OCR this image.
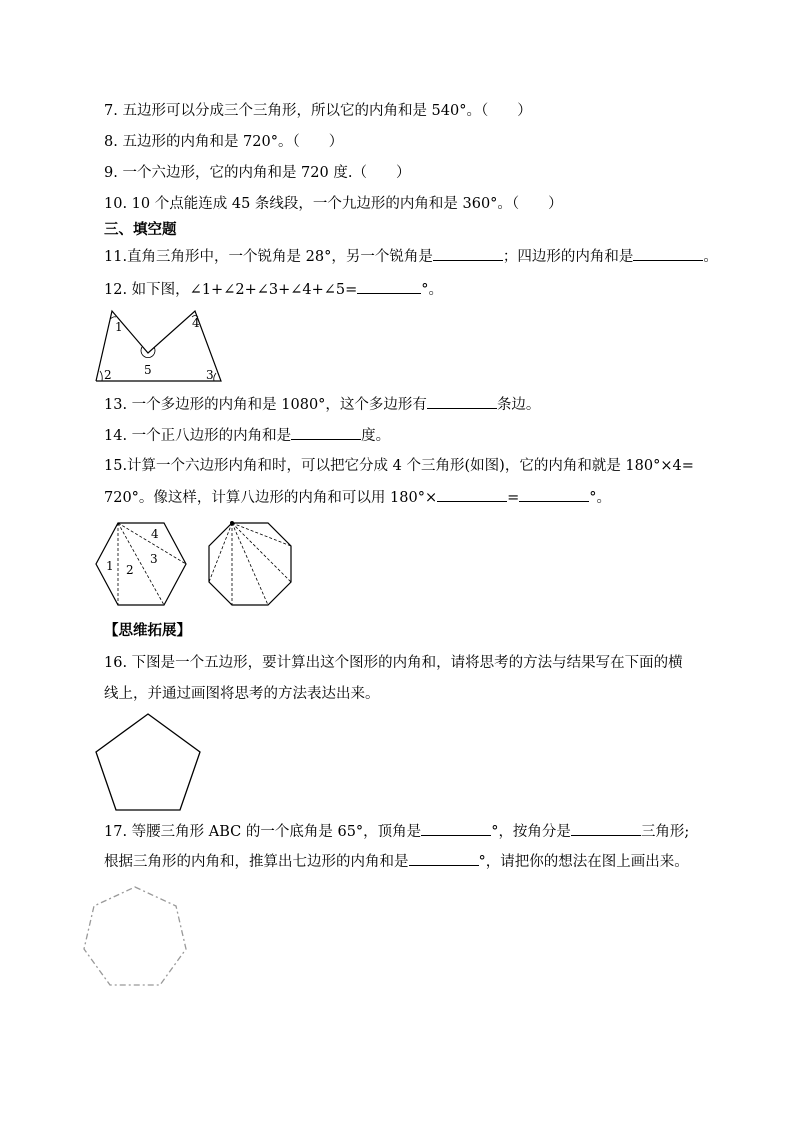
7. 五边形可以分成三个三角形，所以它的内角和是 540°。（　　）
8. 五边形的内角和是 720°。（　　）
9. 一个六边形，它的内角和是 720 度.（　　）
10. 10 个点能连成 45 条线段，一个九边形的内角和是 360°。（　　）
三、填空题
11.直角三角形中，一个锐角是 28°，另一个锐角是	；四边形的内角和是	。
12. 如下图，∠1+∠2+∠3+∠4+∠5=	°。
1	4
5
2	3
13. 一个多边形的内角和是 1080°，这个多边形有	条边。
14. 一个正八边形的内角和是	度。
15.计算一个六边形内角和时，可以把它分成 4 个三角形(如图)，它的内角和就是 180°×4=
720°。像这样，计算八边形的内角和可以用 180°×	=	°。
4
3
1 2
【思维拓展】
16. 下图是一个五边形，要计算出这个图形的内角和，请将思考的方法与结果写在下面的横
线上，并通过画图将思考的方法表达出来。
17. 等腰三角形 ABC 的一个底角是 65°，顶角是	°，按角分是	三角形;
根据三角形的内角和，推算出七边形的内角和是	°，请把你的想法在图上画出来。
